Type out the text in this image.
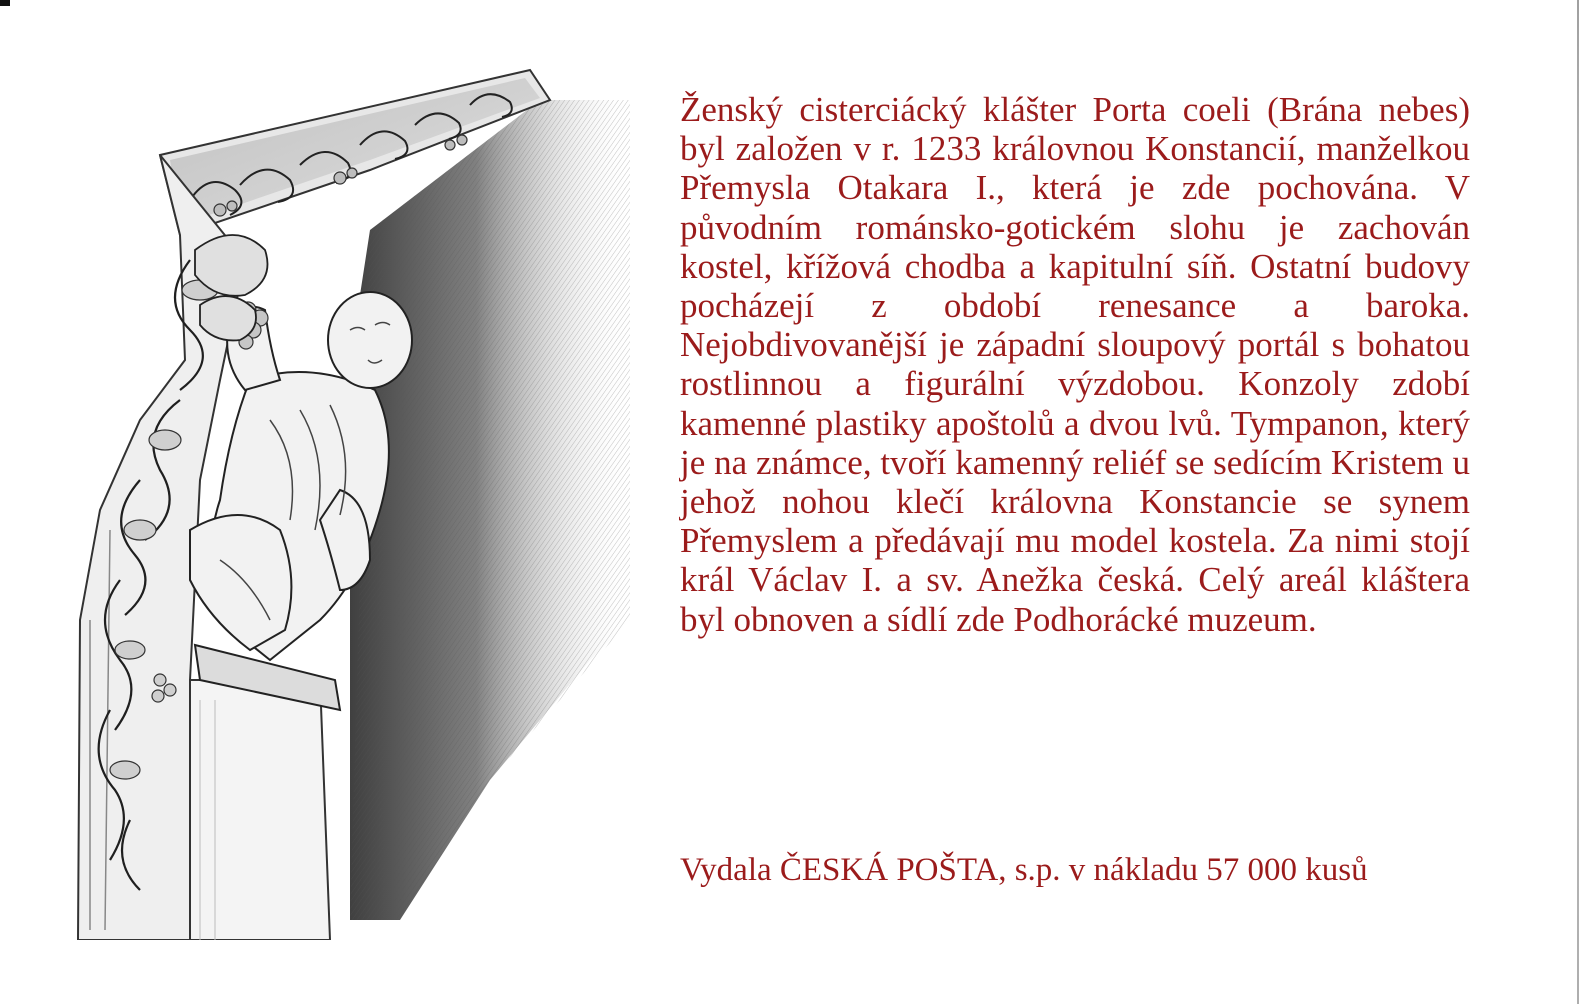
Ženský cisterciácký klášter Porta coeli (Brána nebes) byl založen v r. 1233 královnou Konstancií, manželkou Přemysla Otakara I., která je zde pochována. V původním románsko-gotickém slohu je zachován kostel, křížová chodba a kapitulní síň. Ostatní budovy pocházejí z období renesance a baroka. Nejobdivovanější je západní sloupový portál s bohatou rostlinnou a figurální výzdobou. Konzoly zdobí kamenné plastiky apoštolů a dvou lvů. Tympanon, který je na známce, tvoří kamenný reliéf se sedícím Kristem u jehož nohou klečí královna Konstancie se synem Přemyslem a předávají mu model kostela. Za nimi stojí král Václav I. a sv. Anežka česká. Celý areál kláštera byl obnoven a sídlí zde Podhorácké muzeum.

Vydala ČESKÁ POŠTA, s.p. v nákladu 57 000 kusů
